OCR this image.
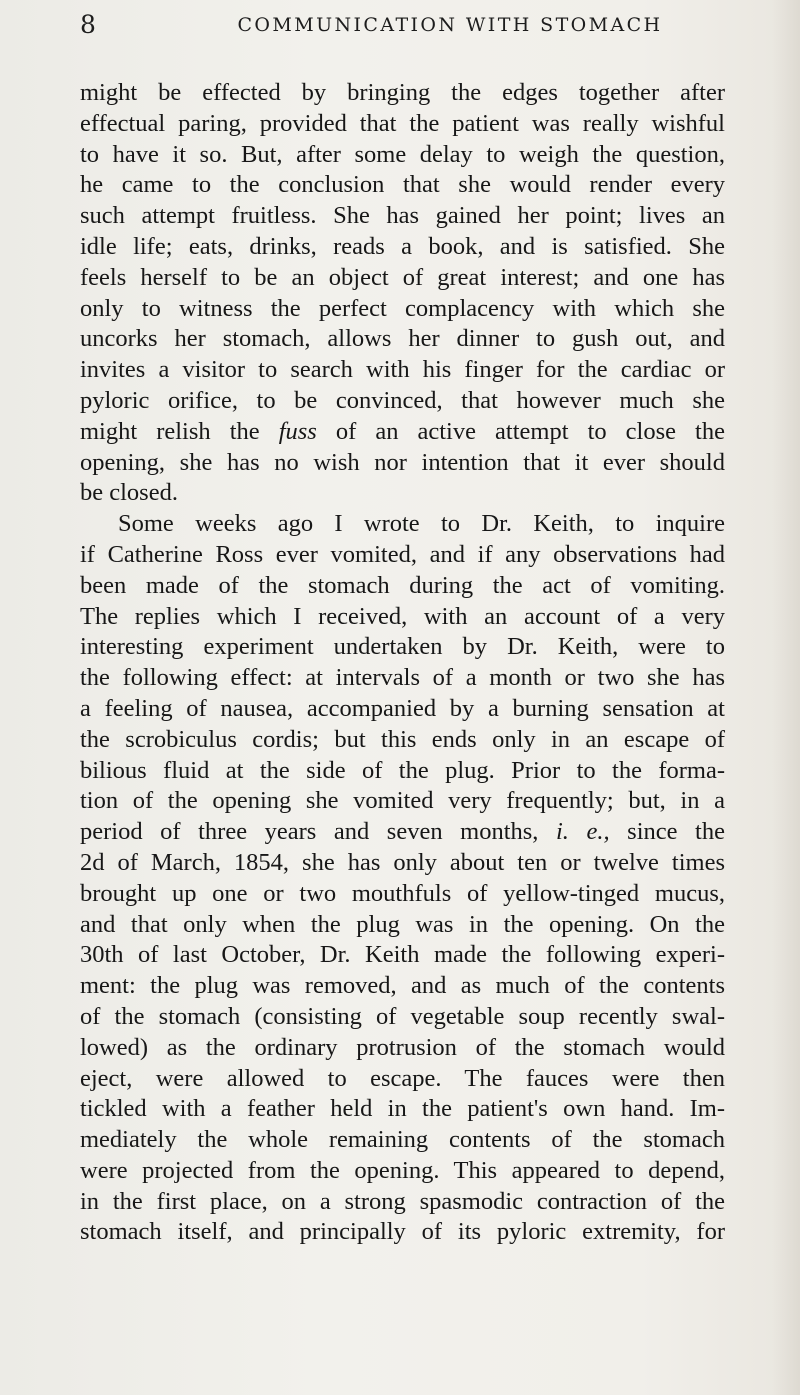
8	COMMUNICATION WITH STOMACH
might be effected by bringing the edges together after
effectual paring, provided that the patient was really wishful
to have it so. But, after some delay to weigh the question,
he came to the conclusion that she would render every
such attempt fruitless. She has gained her point; lives an
idle life; eats, drinks, reads a book, and is satisfied. She
feels herself to be an object of great interest; and one has
only to witness the perfect complacency with which she
uncorks her stomach, allows her dinner to gush out, and
invites a visitor to search with his finger for the cardiac or
pyloric orifice, to be convinced, that however much she
might relish the fuss of an active attempt to close the
opening, she has no wish nor intention that it ever should
be closed.
Some weeks ago I wrote to Dr. Keith, to inquire
if Catherine Ross ever vomited, and if any observations had
been made of the stomach during the act of vomiting.
The replies which I received, with an account of a very
interesting experiment undertaken by Dr. Keith, were to
the following effect: at intervals of a month or two she has
a feeling of nausea, accompanied by a burning sensation at
the scrobiculus cordis; but this ends only in an escape of
bilious fluid at the side of the plug. Prior to the forma-
tion of the opening she vomited very frequently; but, in a
period of three years and seven months, i. e., since the
2d of March, 1854, she has only about ten or twelve times
brought up one or two mouthfuls of yellow-tinged mucus,
and that only when the plug was in the opening. On the
30th of last October, Dr. Keith made the following experi-
ment: the plug was removed, and as much of the contents
of the stomach (consisting of vegetable soup recently swal-
lowed) as the ordinary protrusion of the stomach would
eject, were allowed to escape. The fauces were then
tickled with a feather held in the patient's own hand. Im-
mediately the whole remaining contents of the stomach
were projected from the opening. This appeared to depend,
in the first place, on a strong spasmodic contraction of the
stomach itself, and principally of its pyloric extremity, for
